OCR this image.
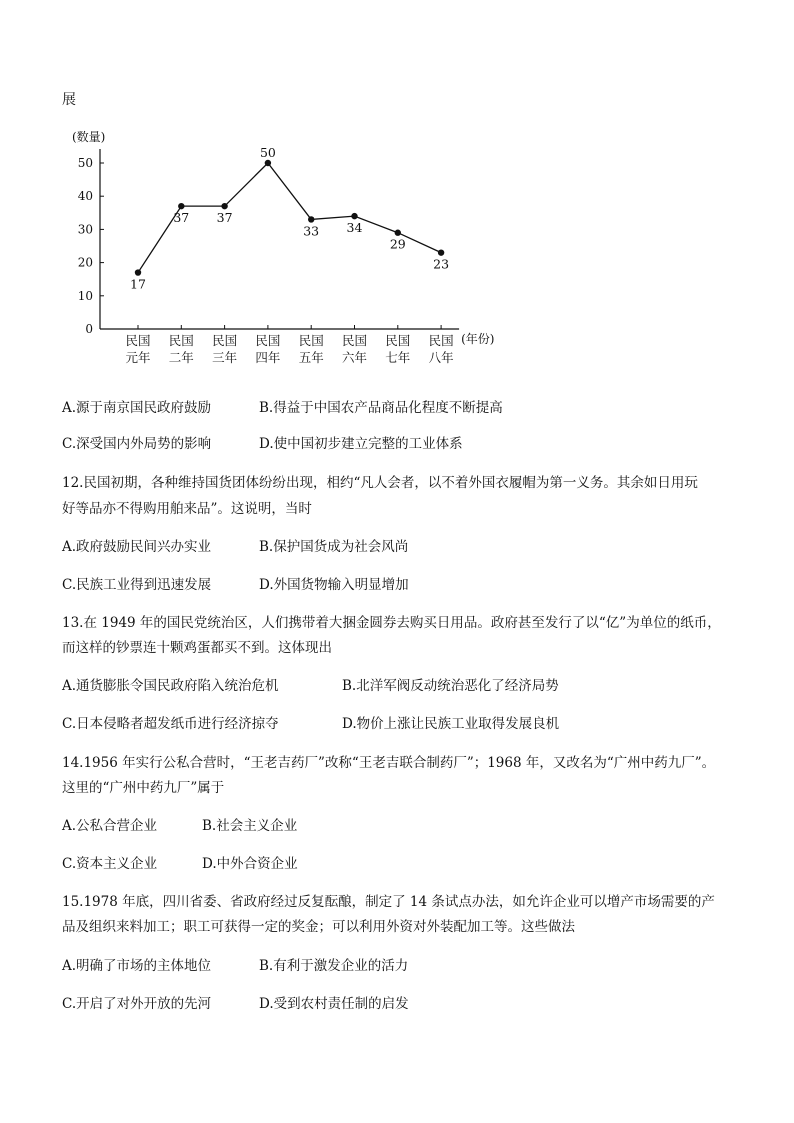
展
(数量)
(年份)
0
10
20
30
40
50
民国
元年
民国
二年
民国
三年
民国
四年
民国
五年
民国
六年
民国
七年
民国
八年
17
37 37
50
33 34
29
23
A.源于南京国民政府鼓励	B.得益于中国农产品商品化程度不断提高
C.深受国内外局势的影响	D.使中国初步建立完整的工业体系
12.民国初期，各种维持国货团体纷纷出现，相约“凡人会者，以不着外国衣履帽为第一义务。其余如日用玩
好等品亦不得购用舶来品”。这说明，当时
A.政府鼓励民间兴办实业	B.保护国货成为社会风尚
C.民族工业得到迅速发展	D.外国货物输入明显增加
13.在 1949 年的国民党统治区，人们携带着大捆金圆券去购买日用品。政府甚至发行了以“亿”为单位的纸币，
而这样的钞票连十颗鸡蛋都买不到。这体现出
A.通货膨胀令国民政府陷入统治危机	B.北洋军阀反动统治恶化了经济局势
C.日本侵略者超发纸币进行经济掠夺	D.物价上涨让民族工业取得发展良机
14.1956 年实行公私合营时，“王老吉药厂”改称“王老吉联合制药厂”；1968 年，又改名为“广州中药九厂”。
这里的“广州中药九厂”属于
A.公私合营企业	B.社会主义企业
C.资本主义企业	D.中外合资企业
15.1978 年底，四川省委、省政府经过反复酝酿，制定了 14 条试点办法，如允许企业可以增产市场需要的产
品及组织来料加工；职工可获得一定的奖金；可以利用外资对外装配加工等。这些做法
A.明确了市场的主体地位	B.有利于激发企业的活力
C.开启了对外开放的先河	D.受到农村责任制的启发
